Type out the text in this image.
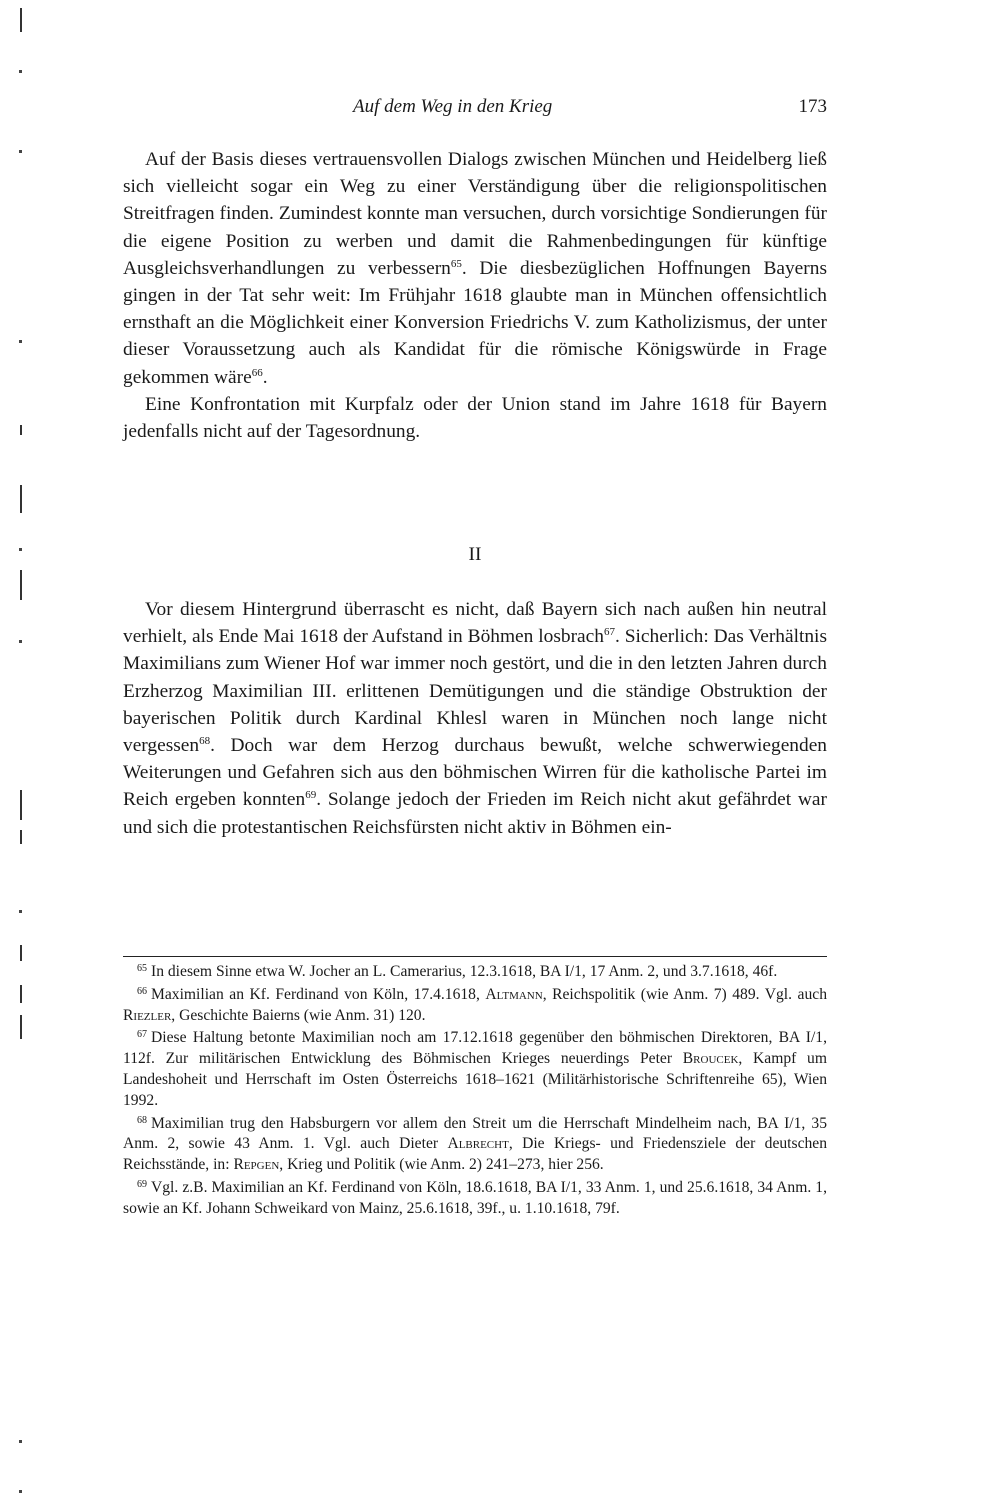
Auf dem Weg in den Krieg	173

Auf der Basis dieses vertrauensvollen Dialogs zwischen München und Heidelberg ließ sich vielleicht sogar ein Weg zu einer Verständigung über die religionspolitischen Streitfragen finden. Zumindest konnte man versuchen, durch vorsichtige Sondierungen für die eigene Position zu werben und damit die Rahmenbedingungen für künftige Ausgleichsverhandlungen zu verbessern$^{65}$. Die diesbezüglichen Hoffnungen Bayerns gingen in der Tat sehr weit: Im Frühjahr 1618 glaubte man in München offensichtlich ernsthaft an die Möglichkeit einer Konversion Friedrichs V. zum Katholizismus, der unter dieser Voraussetzung auch als Kandidat für die römische Königswürde in Frage gekommen wäre$^{66}$.

Eine Konfrontation mit Kurpfalz oder der Union stand im Jahre 1618 für Bayern jedenfalls nicht auf der Tagesordnung.

II

Vor diesem Hintergrund überrascht es nicht, daß Bayern sich nach außen hin neutral verhielt, als Ende Mai 1618 der Aufstand in Böhmen losbrach$^{67}$. Sicherlich: Das Verhältnis Maximilians zum Wiener Hof war immer noch gestört, und die in den letzten Jahren durch Erzherzog Maximilian III. erlittenen Demütigungen und die ständige Obstruktion der bayerischen Politik durch Kardinal Khlesl waren in München noch lange nicht vergessen$^{68}$. Doch war dem Herzog durchaus bewußt, welche schwerwiegenden Weiterungen und Gefahren sich aus den böhmischen Wirren für die katholische Partei im Reich ergeben konnten$^{69}$. Solange jedoch der Frieden im Reich nicht akut gefährdet war und sich die protestantischen Reichsfürsten nicht aktiv in Böhmen ein-

$^{65}$ In diesem Sinne etwa W. Jocher an L. Camerarius, 12.3.1618, BA I/1, 17 Anm. 2, und 3.7.1618, 46f.

$^{66}$ Maximilian an Kf. Ferdinand von Köln, 17.4.1618, Altmann, Reichspolitik (wie Anm. 7) 489. Vgl. auch Riezler, Geschichte Baierns (wie Anm. 31) 120.

$^{67}$ Diese Haltung betonte Maximilian noch am 17.12.1618 gegenüber den böhmischen Direktoren, BA I/1, 112f. Zur militärischen Entwicklung des Böhmischen Krieges neuerdings Peter Broucek, Kampf um Landeshoheit und Herrschaft im Osten Österreichs 1618–1621 (Militärhistorische Schriftenreihe 65), Wien 1992.

$^{68}$ Maximilian trug den Habsburgern vor allem den Streit um die Herrschaft Mindelheim nach, BA I/1, 35 Anm. 2, sowie 43 Anm. 1. Vgl. auch Dieter Albrecht, Die Kriegs- und Friedensziele der deutschen Reichsstände, in: Repgen, Krieg und Politik (wie Anm. 2) 241–273, hier 256.

$^{69}$ Vgl. z.B. Maximilian an Kf. Ferdinand von Köln, 18.6.1618, BA I/1, 33 Anm. 1, und 25.6.1618, 34 Anm. 1, sowie an Kf. Johann Schweikard von Mainz, 25.6.1618, 39f., u. 1.10.1618, 79f.
